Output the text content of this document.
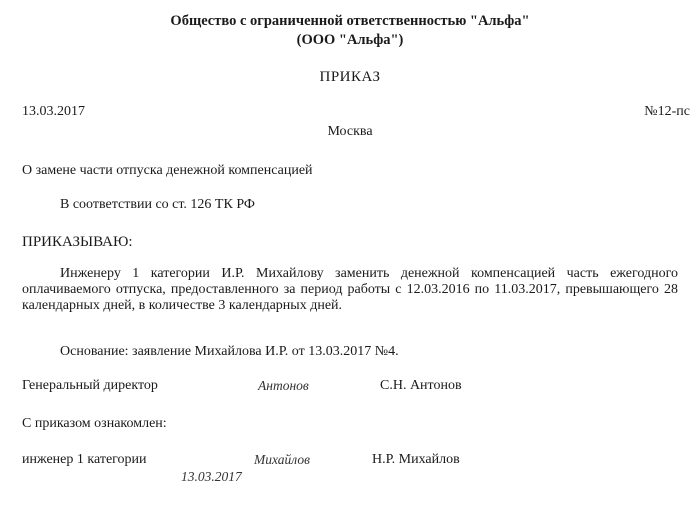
Общество с ограниченной ответственностью "Альфа"
(ООО "Альфа")
ПРИКАЗ
13.03.2017	№12-пс
Москва
О замене части отпуска денежной компенсацией
В соответствии со ст. 126 ТК РФ
ПРИКАЗЫВАЮ:
Инженеру 1 категории И.Р. Михайлову заменить денежной компенсацией часть ежегодного оплачиваемого отпуска, предоставленного за период работы с 12.03.2016 по 11.03.2017, превышающего 28 календарных дней, в количестве 3 календарных дней.
Основание: заявление Михайлова И.Р. от 13.03.2017 №4.
Генеральный директор	Антонов	С.Н. Антонов
С приказом ознакомлен:
инженер 1 категории	Михайлов	Н.Р. Михайлов
13.03.2017
